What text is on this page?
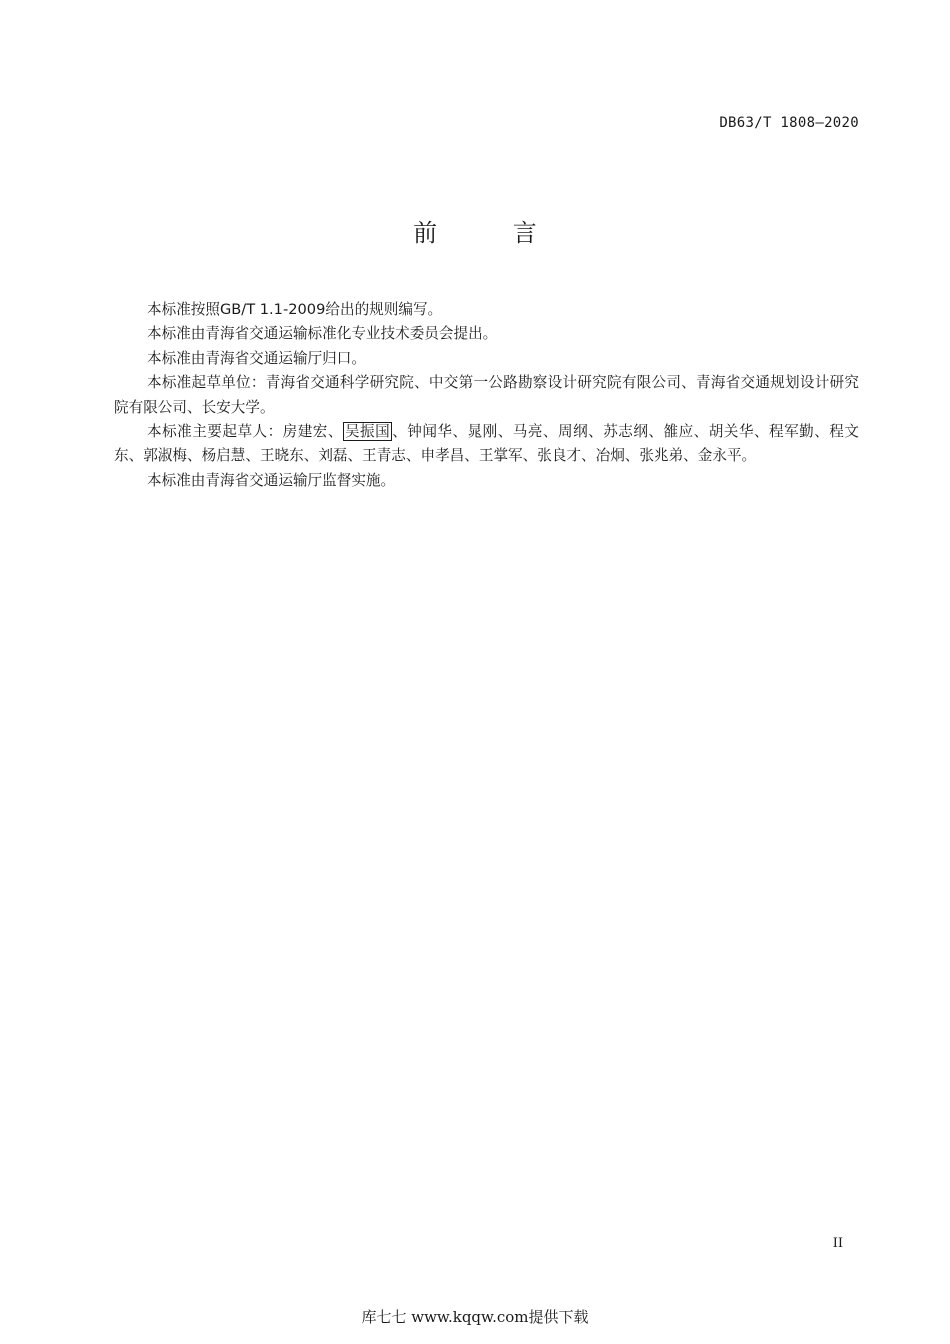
DB63/T 1808—2020
前 言

本标准按照GB/T 1.1-2009给出的规则编写。

本标准由青海省交通运输标准化专业技术委员会提出。

本标准由青海省交通运输厅归口。

本标准起草单位：青海省交通科学研究院、中交第一公路勘察设计研究院有限公司、青海省交通规划设计研究院有限公司、长安大学。

本标准主要起草人：房建宏、 吴振国 、钟闻华、晁刚、马亮、周纲、苏志纲、雒应、胡关华、程军勤、程文东、郭淑梅、杨启慧、王晓东、刘磊、王青志、申孝昌、王掌军、张良才、冶炯、张兆弟、金永平。

本标准由青海省交通运输厅监督实施。

II
库七七 www.kqqw.com提供下载
